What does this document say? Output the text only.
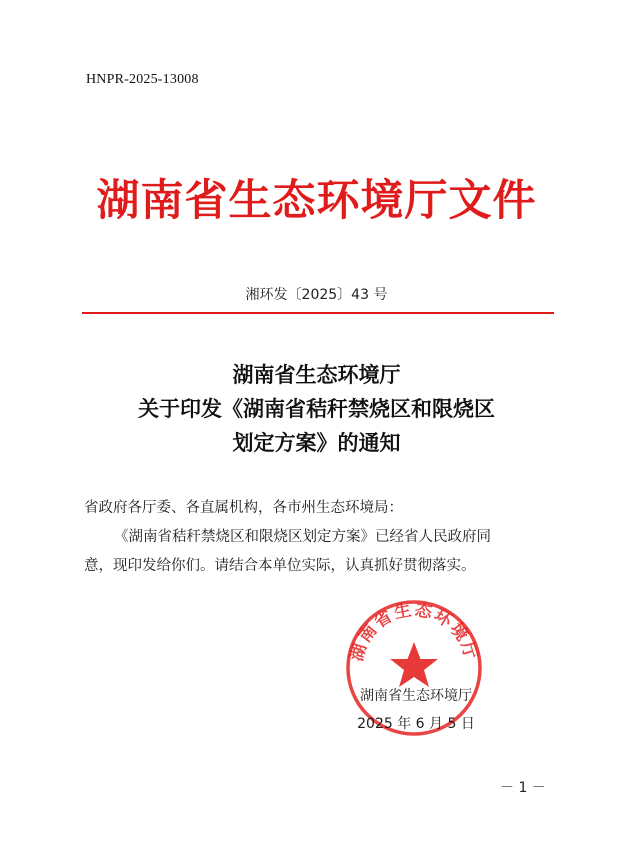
HNPR-2025-13008
湖南省生态环境厅文件
湘环发〔2025〕43 号
湖南省生态环境厅
关于印发《湖南省秸秆禁烧区和限烧区
划定方案》的通知

省政府各厅委、各直属机构，各市州生态环境局：

《湖南省秸秆禁烧区和限烧区划定方案》已经省人民政府同

意，现印发给你们。请结合本单位实际，认真抓好贯彻落实。

湖南省生态环境厅
湖南省生态环境厅
2025 年 6 月 5 日
－ 1 －
